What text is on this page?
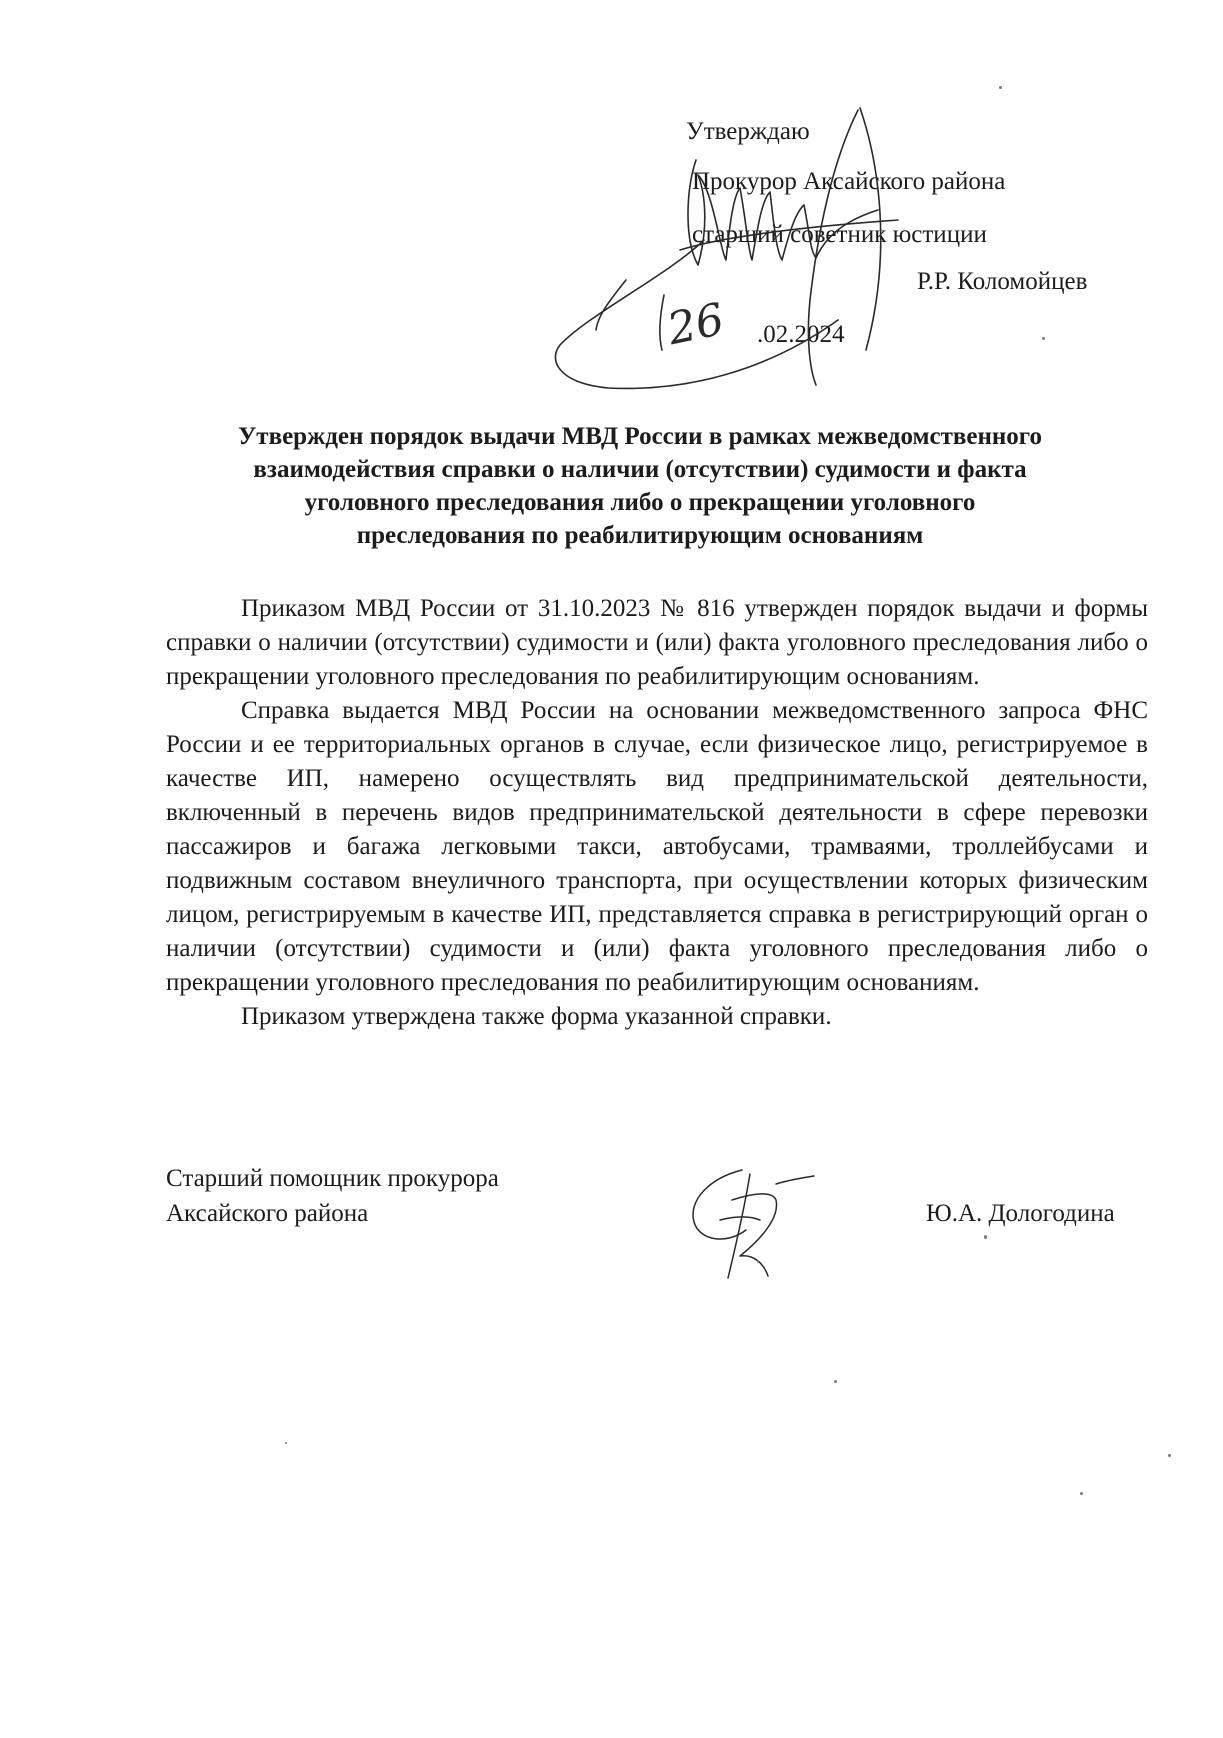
Утверждаю
Прокурор Аксайского района
старший советник юстиции
Р.Р. Коломойцев
.02.2024
26
Утвержден порядок выдачи МВД России в рамках межведомственного
взаимодействия справки о наличии (отсутствии) судимости и факта
уголовного преследования либо о прекращении уголовного
преследования по реабилитирующим основаниям

Приказом МВД России от 31.10.2023 № 816 утвержден порядок выдачи и формы справки о наличии (отсутствии) судимости и (или) факта уголовного преследования либо о прекращении уголовного преследования по реабилитирующим основаниям.

Справка выдается МВД России на основании межведомственного запроса ФНС России и ее территориальных органов в случае, если физическое лицо, регистрируемое в качестве ИП, намерено осуществлять вид предпринимательской деятельности, включенный в перечень видов предпринимательской деятельности в сфере перевозки пассажиров и багажа легковыми такси, автобусами, трамваями, троллейбусами и подвижным составом внеуличного транспорта, при осуществлении которых физическим лицом, регистрируемым в качестве ИП, представляется справка в регистрирующий орган о наличии (отсутствии) судимости и (или) факта уголовного преследования либо о прекращении уголовного преследования по реабилитирующим основаниям.

Приказом утверждена также форма указанной справки.

Старший помощник прокурора
Аксайского района	Ю.А. Дологодина
